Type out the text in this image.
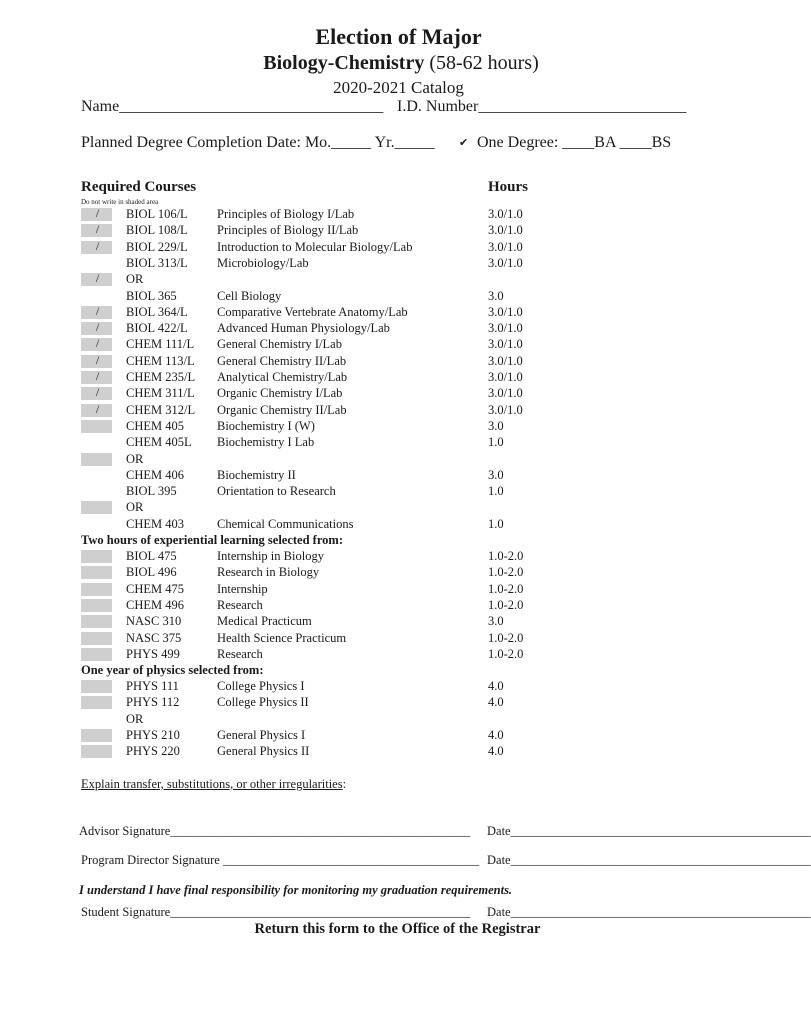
Election of Major
Biology-Chemistry (58-62 hours)
2020-2021 Catalog
Name_________________________________ I.D. Number__________________________
Planned Degree Completion Date: Mo._____ Yr._____ ✔ One Degree: ____BA ____BS
Required Courses	Hours
Do not write in shaded area
/	BIOL 106/L Principles of Biology I/Lab	3.0/1.0
/	BIOL 108/L Principles of Biology II/Lab	3.0/1.0
/	BIOL 229/L Introduction to Molecular Biology/Lab	3.0/1.0
BIOL 313/L Microbiology/Lab	3.0/1.0
/	OR
BIOL 365	Cell Biology	3.0
/	BIOL 364/L Comparative Vertebrate Anatomy/Lab	3.0/1.0
/	BIOL 422/L Advanced Human Physiology/Lab	3.0/1.0
/	CHEM 111/L General Chemistry I/Lab	3.0/1.0
/	CHEM 113/L General Chemistry II/Lab	3.0/1.0
/	CHEM 235/L Analytical Chemistry/Lab	3.0/1.0
/	CHEM 311/L Organic Chemistry I/Lab	3.0/1.0
/	CHEM 312/L Organic Chemistry II/Lab	3.0/1.0
CHEM 405	Biochemistry I (W)	3.0
CHEM 405L Biochemistry I Lab	1.0
OR
CHEM 406	Biochemistry II	3.0
BIOL 395	Orientation to Research	1.0
OR
CHEM 403	Chemical Communications	1.0
Two hours of experiential learning selected from:
BIOL 475	Internship in Biology	1.0-2.0
BIOL 496	Research in Biology	1.0-2.0
CHEM 475	Internship	1.0-2.0
CHEM 496	Research	1.0-2.0
NASC 310	Medical Practicum	3.0
NASC 375	Health Science Practicum	1.0-2.0
PHYS 499	Research	1.0-2.0
One year of physics selected from:
PHYS 111	College Physics I	4.0
PHYS 112	College Physics II	4.0
OR
PHYS 210	General Physics I	4.0
PHYS 220	General Physics II	4.0
Explain transfer, substitutions, or other irregularities:
Advisor Signature________________________________________________ Date________________________________________________
Program Director Signature _________________________________________ Date________________________________________________
I understand I have final responsibility for monitoring my graduation requirements.
Student Signature________________________________________________ Date________________________________________________
Return this form to the Office of the Registrar
